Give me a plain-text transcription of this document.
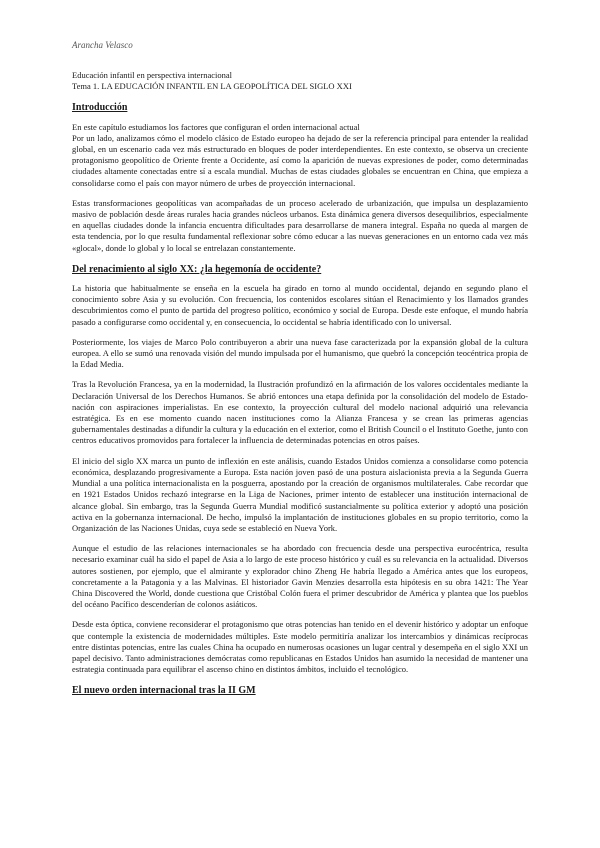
Arancha Velasco
Educación infantil en perspectiva internacional
Tema 1. LA EDUCACIÓN INFANTIL EN LA GEOPOLÍTICA DEL SIGLO XXI
Introducción

En este capítulo estudiamos los factores que configuran el orden internacional actual

Por un lado, analizamos cómo el modelo clásico de Estado europeo ha dejado de ser la referencia principal para entender la realidad global, en un escenario cada vez más estructurado en bloques de poder interdependientes. En este contexto, se observa un creciente protagonismo geopolítico de Oriente frente a Occidente, así como la aparición de nuevas expresiones de poder, como determinadas ciudades altamente conectadas entre sí a escala mundial. Muchas de estas ciudades globales se encuentran en China, que empieza a consolidarse como el país con mayor número de urbes de proyección internacional.

Estas transformaciones geopolíticas van acompañadas de un proceso acelerado de urbanización, que impulsa un desplazamiento masivo de población desde áreas rurales hacia grandes núcleos urbanos. Esta dinámica genera diversos desequilibrios, especialmente en aquellas ciudades donde la infancia encuentra dificultades para desarrollarse de manera integral. España no queda al margen de esta tendencia, por lo que resulta fundamental reflexionar sobre cómo educar a las nuevas generaciones en un entorno cada vez más «glocal», donde lo global y lo local se entrelazan constantemente.

Del renacimiento al siglo XX: ¿la hegemonía de occidente?

La historia que habitualmente se enseña en la escuela ha girado en torno al mundo occidental, dejando en segundo plano el conocimiento sobre Asia y su evolución. Con frecuencia, los contenidos escolares sitúan el Renacimiento y los llamados grandes descubrimientos como el punto de partida del progreso político, económico y social de Europa. Desde este enfoque, el mundo habría pasado a configurarse como occidental y, en consecuencia, lo occidental se habría identificado con lo universal.

Posteriormente, los viajes de Marco Polo contribuyeron a abrir una nueva fase caracterizada por la expansión global de la cultura europea. A ello se sumó una renovada visión del mundo impulsada por el humanismo, que quebró la concepción teocéntrica propia de la Edad Media.

Tras la Revolución Francesa, ya en la modernidad, la Ilustración profundizó en la afirmación de los valores occidentales mediante la Declaración Universal de los Derechos Humanos. Se abrió entonces una etapa definida por la consolidación del modelo de Estado-nación con aspiraciones imperialistas. En ese contexto, la proyección cultural del modelo nacional adquirió una relevancia estratégica. Es en ese momento cuando nacen instituciones como la Alianza Francesa y se crean las primeras agencias gubernamentales destinadas a difundir la cultura y la educación en el exterior, como el British Council o el Instituto Goethe, junto con centros educativos promovidos para fortalecer la influencia de determinadas potencias en otros países.

El inicio del siglo XX marca un punto de inflexión en este análisis, cuando Estados Unidos comienza a consolidarse como potencia económica, desplazando progresivamente a Europa. Esta nación joven pasó de una postura aislacionista previa a la Segunda Guerra Mundial a una política internacionalista en la posguerra, apostando por la creación de organismos multilaterales. Cabe recordar que en 1921 Estados Unidos rechazó integrarse en la Liga de Naciones, primer intento de establecer una institución internacional de alcance global. Sin embargo, tras la Segunda Guerra Mundial modificó sustancialmente su política exterior y adoptó una posición activa en la gobernanza internacional. De hecho, impulsó la implantación de instituciones globales en su propio territorio, como la Organización de las Naciones Unidas, cuya sede se estableció en Nueva York.

Aunque el estudio de las relaciones internacionales se ha abordado con frecuencia desde una perspectiva eurocéntrica, resulta necesario examinar cuál ha sido el papel de Asia a lo largo de este proceso histórico y cuál es su relevancia en la actualidad. Diversos autores sostienen, por ejemplo, que el almirante y explorador chino Zheng He habría llegado a América antes que los europeos, concretamente a la Patagonia y a las Malvinas. El historiador Gavin Menzies desarrolla esta hipótesis en su obra 1421: The Year China Discovered the World, donde cuestiona que Cristóbal Colón fuera el primer descubridor de América y plantea que los pueblos del océano Pacífico descenderían de colonos asiáticos.

Desde esta óptica, conviene reconsiderar el protagonismo que otras potencias han tenido en el devenir histórico y adoptar un enfoque que contemple la existencia de modernidades múltiples. Este modelo permitiría analizar los intercambios y dinámicas recíprocas entre distintas potencias, entre las cuales China ha ocupado en numerosas ocasiones un lugar central y desempeña en el siglo XXI un papel decisivo. Tanto administraciones demócratas como republicanas en Estados Unidos han asumido la necesidad de mantener una estrategia continuada para equilibrar el ascenso chino en distintos ámbitos, incluido el tecnológico.

El nuevo orden internacional tras la II GM
